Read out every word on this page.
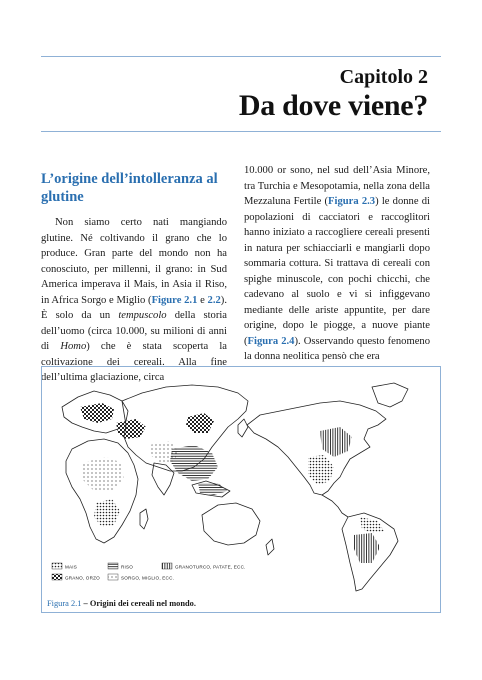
Capitolo 2
Da dove viene?
L’origine dell’intolleranza al glutine

Non siamo certo nati mangiando glutine. Né coltivando il grano che lo produce. Gran parte del mondo non ha conosciuto, per millenni, il grano: in Sud America imperava il Mais, in Asia il Riso, in Africa Sorgo e Miglio (Figure 2.1 e 2.2). È solo da un tempuscolo della storia dell’uomo (circa 10.000, su milioni di anni di Homo) che è stata scoperta la coltivazione dei cereali. Alla fine dell’ultima glaciazione, circa

10.000 or sono, nel sud dell’Asia Minore, tra Turchia e Mesopotamia, nella zona della Mezzaluna Fertile (Figura 2.3) le donne di popolazioni di cacciatori e raccoglitori hanno iniziato a raccogliere cereali presenti in natura per schiacciarli e mangiarli dopo sommaria cottura. Si trattava di cereali con spighe minuscole, con pochi chicchi, che cadevano al suolo e vi si infiggevano mediante delle ariste appuntite, per dare origine, dopo le piogge, a nuove piante (Figura 2.4). Osservando questo fenomeno la donna neolitica pensò che era

MAIS	RISO	GRANOTURCO, PATATE, ECC.
GRANO, ORZO	SORGO, MIGLIO, ECC.
Figura 2.1 – Origini dei cereali nel mondo.
